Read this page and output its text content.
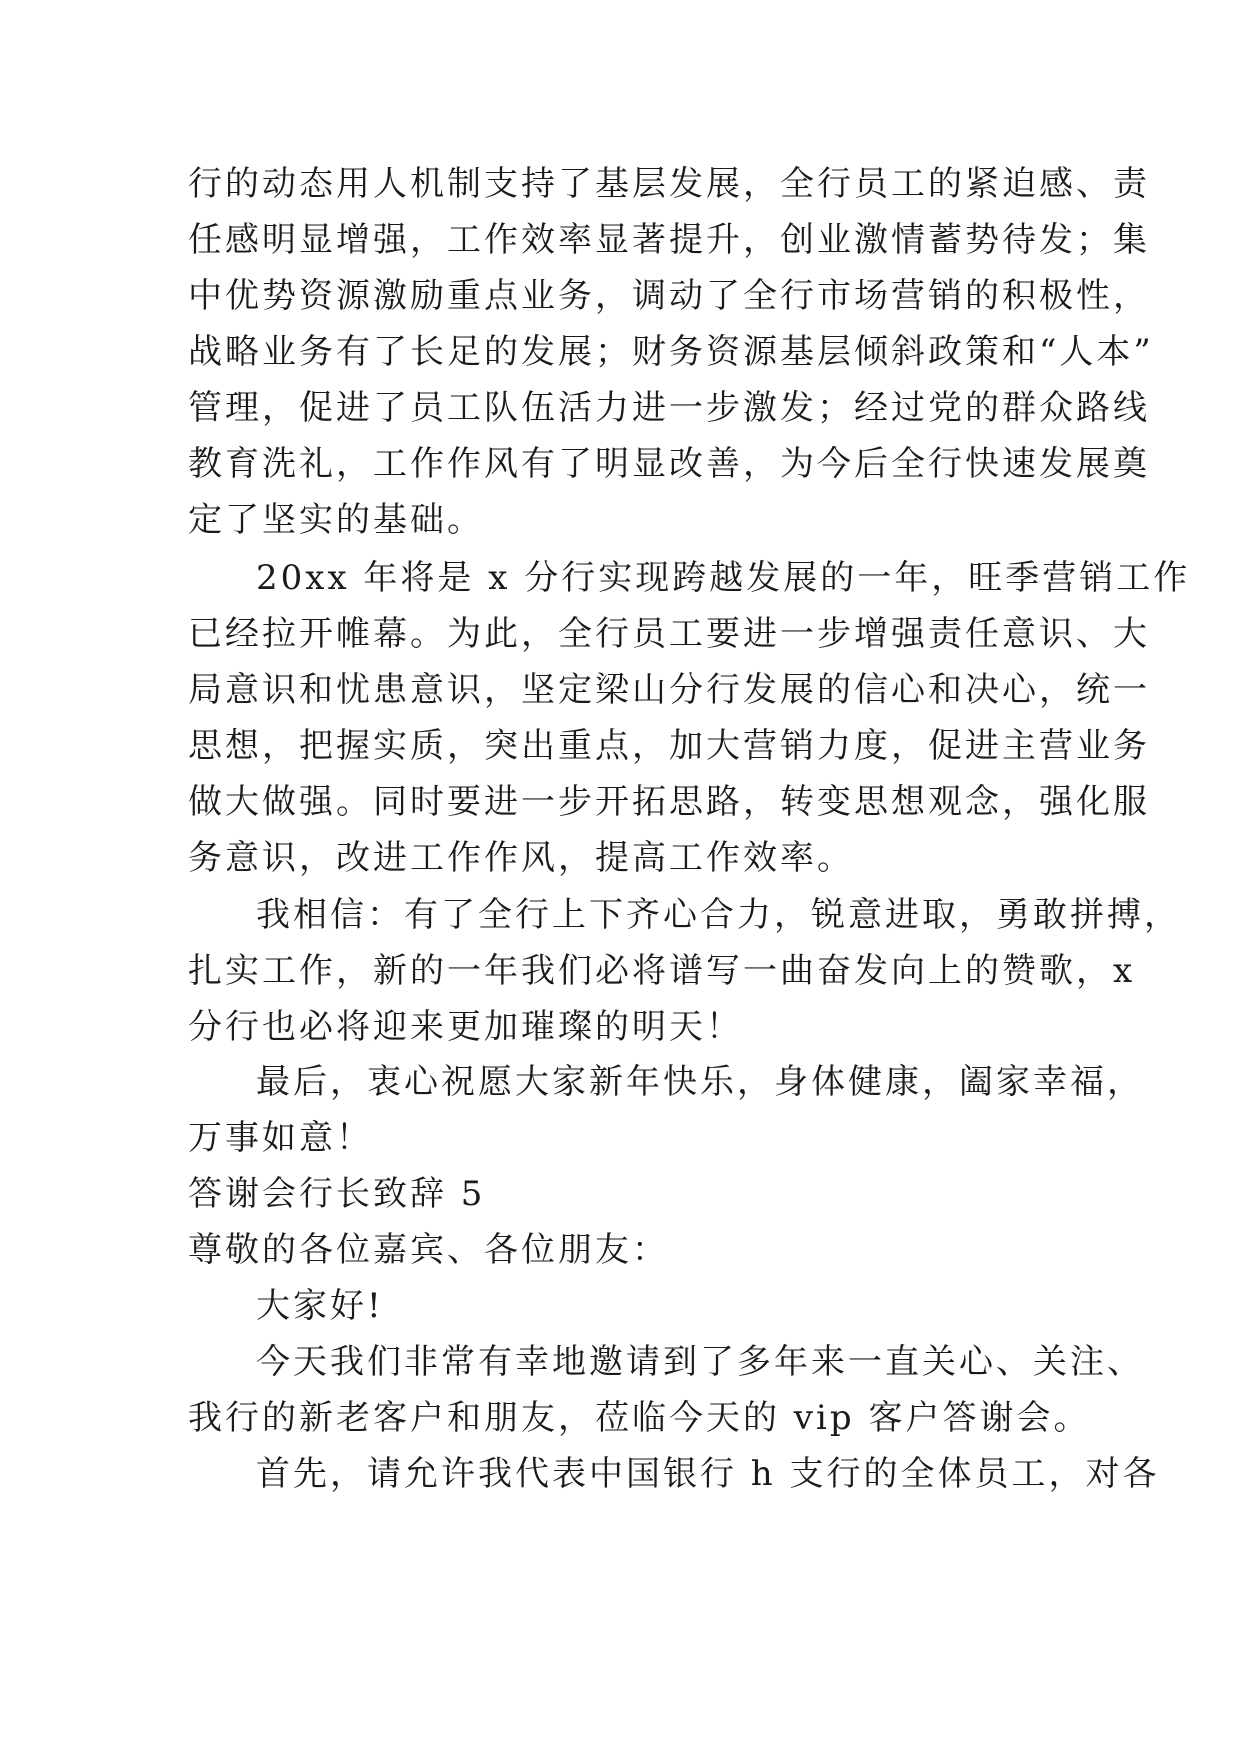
行的动态用人机制支持了基层发展，全行员工的紧迫感、责
任感明显增强，工作效率显著提升，创业激情蓄势待发；集
中优势资源激励重点业务，调动了全行市场营销的积极性，
战略业务有了长足的发展；财务资源基层倾斜政策和“人本”
管理，促进了员工队伍活力进一步激发；经过党的群众路线
教育洗礼，工作作风有了明显改善，为今后全行快速发展奠
定了坚实的基础。
20xx 年将是 x 分行实现跨越发展的一年，旺季营销工作
已经拉开帷幕。为此，全行员工要进一步增强责任意识、大
局意识和忧患意识，坚定梁山分行发展的信心和决心，统一
思想，把握实质，突出重点，加大营销力度，促进主营业务
做大做强。同时要进一步开拓思路，转变思想观念，强化服
务意识，改进工作作风，提高工作效率。
我相信：有了全行上下齐心合力，锐意进取，勇敢拼搏，
扎实工作，新的一年我们必将谱写一曲奋发向上的赞歌，x
分行也必将迎来更加璀璨的明天！
最后，衷心祝愿大家新年快乐，身体健康，阖家幸福，
万事如意！
答谢会行长致辞 5
尊敬的各位嘉宾、各位朋友：
大家好!
今天我们非常有幸地邀请到了多年来一直关心、关注、
我行的新老客户和朋友，莅临今天的 vip 客户答谢会。
首先，请允许我代表中国银行 h 支行的全体员工，对各
